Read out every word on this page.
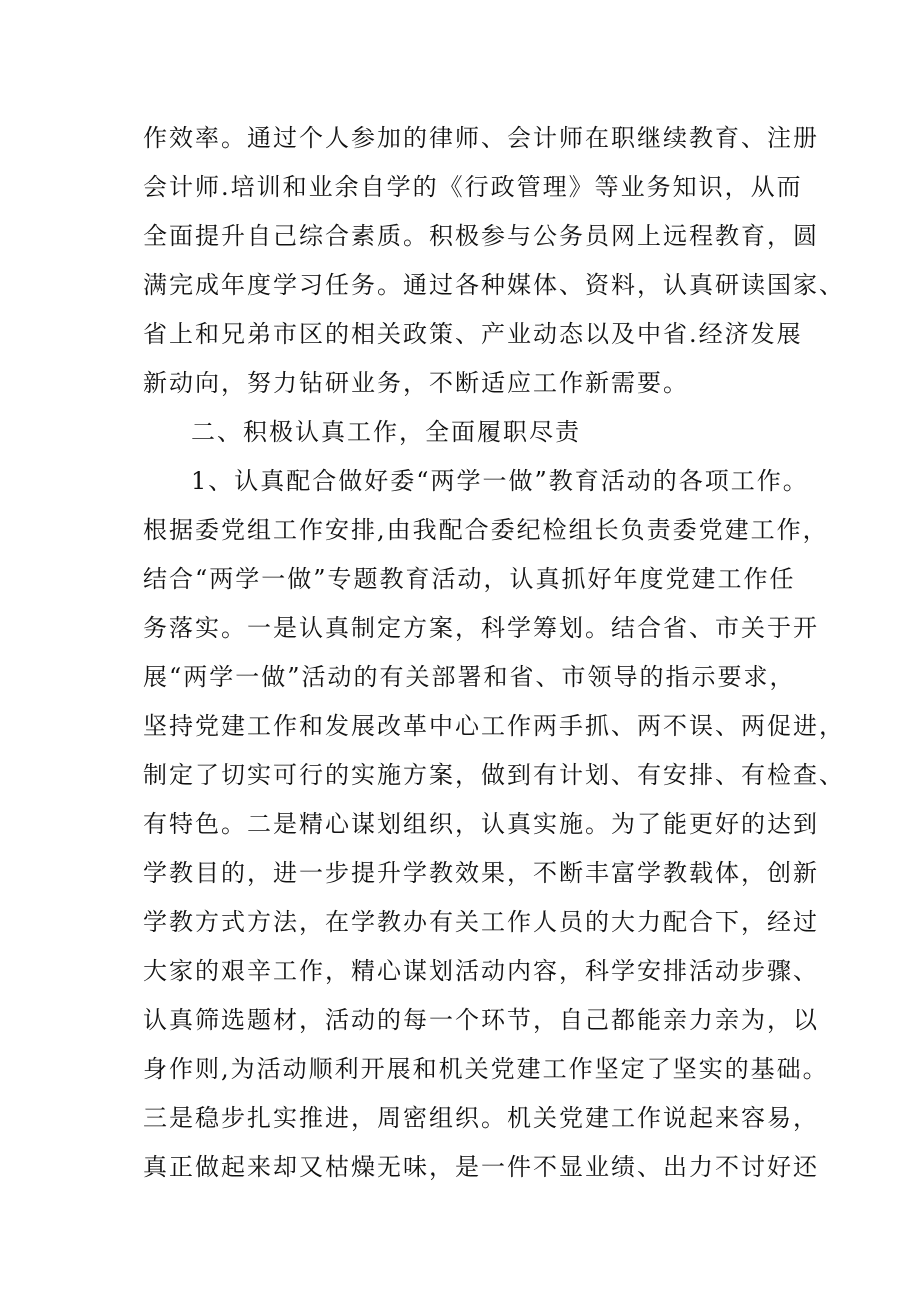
作效率。通过个人参加的律师、会计师在职继续教育、注册
会计师.培训和业余自学的《行政管理》等业务知识，从而
全面提升自己综合素质。积极参与公务员网上远程教育，圆
满完成年度学习任务。通过各种媒体、资料，认真研读国家、
省上和兄弟市区的相关政策、产业动态以及中省.经济发展
新动向，努力钻研业务，不断适应工作新需要。
二、积极认真工作，全面履职尽责
1、认真配合做好委“两学一做”教育活动的各项工作。
根据委党组工作安排,由我配合委纪检组长负责委党建工作，
结合“两学一做”专题教育活动，认真抓好年度党建工作任
务落实。一是认真制定方案，科学筹划。结合省、市关于开
展“两学一做”活动的有关部署和省、市领导的指示要求，
坚持党建工作和发展改革中心工作两手抓、两不误、两促进，
制定了切实可行的实施方案，做到有计划、有安排、有检查、
有特色。二是精心谋划组织，认真实施。为了能更好的达到
学教目的，进一步提升学教效果，不断丰富学教载体，创新
学教方式方法，在学教办有关工作人员的大力配合下，经过
大家的艰辛工作，精心谋划活动内容，科学安排活动步骤、
认真筛选题材，活动的每一个环节，自己都能亲力亲为，以
身作则,为活动顺利开展和机关党建工作坚定了坚实的基础。
三是稳步扎实推进，周密组织。机关党建工作说起来容易，
真正做起来却又枯燥无味，是一件不显业绩、出力不讨好还
